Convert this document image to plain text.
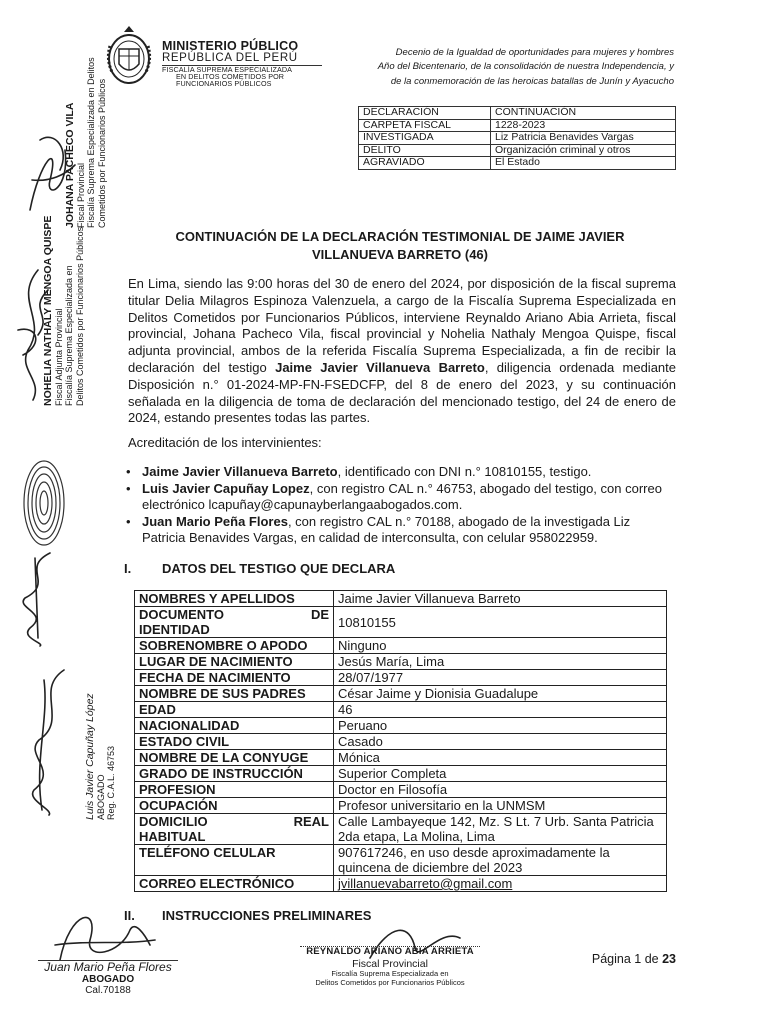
MINISTERIO PÚBLICO
REPÚBLICA DEL PERÚ
FISCALÍA SUPREMA ESPECIALIZADA
EN DELITOS COMETIDOS POR
FUNCIONARIOS PÚBLICOS
Decenio de la Igualdad de oportunidades para mujeres y hombres
Año del Bicentenario, de la consolidación de nuestra Independencia, y
de la conmemoración de las heroicas batallas de Junín y Ayacucho
DECLARACIÓN	CONTINUACIÓN
CARPETA FISCAL	1228-2023
INVESTIGADA	Liz Patricia Benavides Vargas
DELITO	Organización criminal y otros
AGRAVIADO	El Estado
CONTINUACIÓN DE LA DECLARACIÓN TESTIMONIAL DE JAIME JAVIER VILLANUEVA BARRETO (46)
En Lima, siendo las 9:00 horas del 30 de enero del 2024, por disposición de la fiscal suprema titular Delia Milagros Espinoza Valenzuela, a cargo de la Fiscalía Suprema Especializada en Delitos Cometidos por Funcionarios Públicos, interviene Reynaldo Ariano Abia Arrieta, fiscal provincial, Johana Pacheco Vila, fiscal provincial y Nohelia Nathaly Mengoa Quispe, fiscal adjunta provincial, ambos de la referida Fiscalía Suprema Especializada, a fin de recibir la declaración del testigo Jaime Javier Villanueva Barreto, diligencia ordenada mediante Disposición n.° 01-2024-MP-FN-FSEDCFP, del 8 de enero del 2023, y su continuación señalada en la diligencia de toma de declaración del mencionado testigo, del 24 de enero de 2024, estando presentes todas las partes.
Acreditación de los intervinientes:
• Jaime Javier Villanueva Barreto, identificado con DNI n.° 10810155, testigo.
• Luis Javier Capuñay Lopez, con registro CAL n.° 46753, abogado del testigo, con correo electrónico lcapuñay@capunayberlangaabogados.com.
• Juan Mario Peña Flores, con registro CAL n.° 70188, abogado de la investigada Liz Patricia Benavides Vargas, en calidad de interconsulta, con celular 958022959.
I. DATOS DEL TESTIGO QUE DECLARA
NOMBRES Y APELLIDOS	Jaime Javier Villanueva Barreto

DOCUMENTO DE
IDENTIDAD	10810155
SOBRENOMBRE O APODO	Ninguno
LUGAR DE NACIMIENTO	Jesús María, Lima
FECHA DE NACIMIENTO	28/07/1977
NOMBRE DE SUS PADRES	César Jaime y Dionisia Guadalupe
EDAD	46
NACIONALIDAD	Peruano
ESTADO CIVIL	Casado
NOMBRE DE LA CONYUGE	Mónica
GRADO DE INSTRUCCIÓN	Superior Completa
PROFESION	Doctor en Filosofía
OCUPACIÓN	Profesor universitario en la UNMSM

DOMICILIO REAL
HABITUAL	Calle Lambayeque 142, Mz. S Lt. 7 Urb. Santa Patricia 2da etapa, La Molina, Lima
TELÉFONO CELULAR	907617246, en uso desde aproximadamente la quincena de diciembre del 2023
CORREO ELECTRÓNICO	jvillanuevabarreto@gmail.com
II. INSTRUCCIONES PRELIMINARES
JOHANA PACHECO VILA Fiscal Provincial Fiscalía Suprema Especializada en Delitos Cometidos por Funcionarios Públicos
NOHELIA NATHALY MENGOA QUISPE Fiscal Adjunta Provincial Fiscalía Suprema Especializada en Delitos Cometidos por Funcionarios Públicos
Luis Javier Capuñay López ABOGADO Reg. C.A.L. 46753
Juan Mario Peña Flores
ABOGADO
Cal.70188
REYNALDO ARIANO ABIA ARRIETA
Fiscal Provincial
Fiscalía Suprema Especializada en
Delitos Cometidos por Funcionarios Públicos
Página 1 de 23
